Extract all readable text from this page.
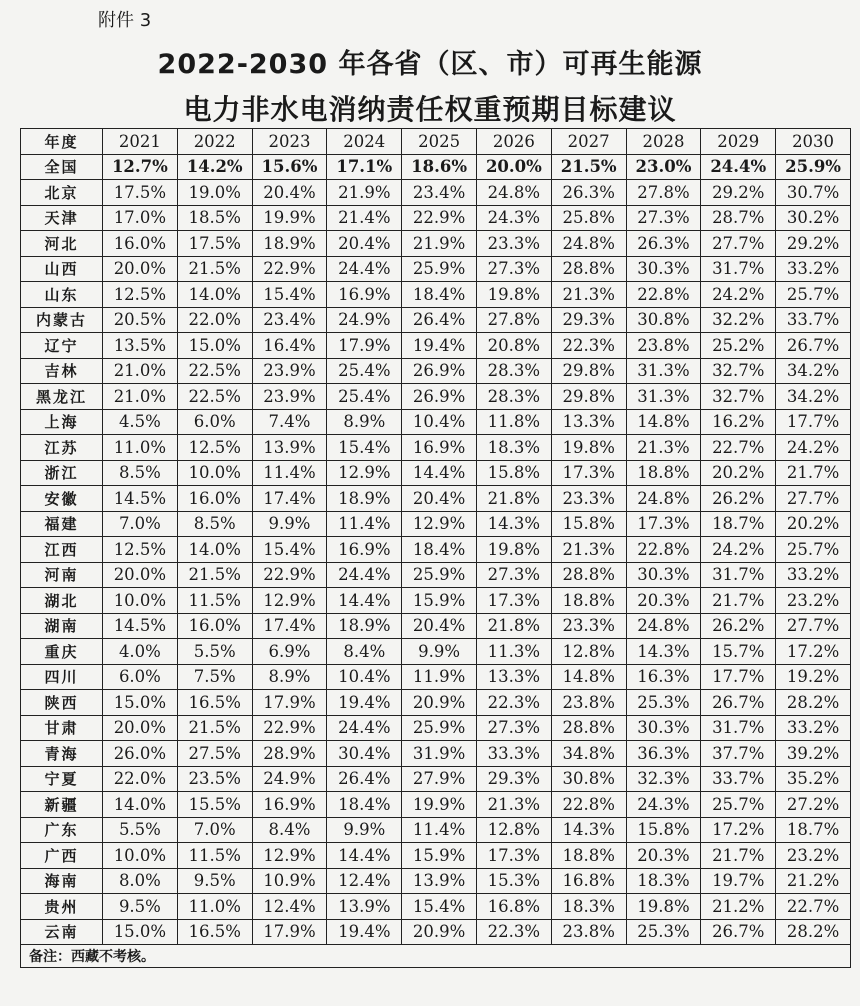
附件 3
2022-2030 年各省（区、市）可再生能源
电力非水电消纳责任权重预期目标建议
年度	2021	2022	2023	2024	2025	2026	2027	2028	2029	2030
全国	12.7%	14.2%	15.6%	17.1%	18.6%	20.0%	21.5%	23.0%	24.4%	25.9%
北京	17.5%	19.0%	20.4%	21.9%	23.4%	24.8%	26.3%	27.8%	29.2%	30.7%
天津	17.0%	18.5%	19.9%	21.4%	22.9%	24.3%	25.8%	27.3%	28.7%	30.2%
河北	16.0%	17.5%	18.9%	20.4%	21.9%	23.3%	24.8%	26.3%	27.7%	29.2%
山西	20.0%	21.5%	22.9%	24.4%	25.9%	27.3%	28.8%	30.3%	31.7%	33.2%
山东	12.5%	14.0%	15.4%	16.9%	18.4%	19.8%	21.3%	22.8%	24.2%	25.7%
内蒙古	20.5%	22.0%	23.4%	24.9%	26.4%	27.8%	29.3%	30.8%	32.2%	33.7%
辽宁	13.5%	15.0%	16.4%	17.9%	19.4%	20.8%	22.3%	23.8%	25.2%	26.7%
吉林	21.0%	22.5%	23.9%	25.4%	26.9%	28.3%	29.8%	31.3%	32.7%	34.2%
黑龙江	21.0%	22.5%	23.9%	25.4%	26.9%	28.3%	29.8%	31.3%	32.7%	34.2%
上海	4.5%	6.0%	7.4%	8.9%	10.4%	11.8%	13.3%	14.8%	16.2%	17.7%
江苏	11.0%	12.5%	13.9%	15.4%	16.9%	18.3%	19.8%	21.3%	22.7%	24.2%
浙江	8.5%	10.0%	11.4%	12.9%	14.4%	15.8%	17.3%	18.8%	20.2%	21.7%
安徽	14.5%	16.0%	17.4%	18.9%	20.4%	21.8%	23.3%	24.8%	26.2%	27.7%
福建	7.0%	8.5%	9.9%	11.4%	12.9%	14.3%	15.8%	17.3%	18.7%	20.2%
江西	12.5%	14.0%	15.4%	16.9%	18.4%	19.8%	21.3%	22.8%	24.2%	25.7%
河南	20.0%	21.5%	22.9%	24.4%	25.9%	27.3%	28.8%	30.3%	31.7%	33.2%
湖北	10.0%	11.5%	12.9%	14.4%	15.9%	17.3%	18.8%	20.3%	21.7%	23.2%
湖南	14.5%	16.0%	17.4%	18.9%	20.4%	21.8%	23.3%	24.8%	26.2%	27.7%
重庆	4.0%	5.5%	6.9%	8.4%	9.9%	11.3%	12.8%	14.3%	15.7%	17.2%
四川	6.0%	7.5%	8.9%	10.4%	11.9%	13.3%	14.8%	16.3%	17.7%	19.2%
陕西	15.0%	16.5%	17.9%	19.4%	20.9%	22.3%	23.8%	25.3%	26.7%	28.2%
甘肃	20.0%	21.5%	22.9%	24.4%	25.9%	27.3%	28.8%	30.3%	31.7%	33.2%
青海	26.0%	27.5%	28.9%	30.4%	31.9%	33.3%	34.8%	36.3%	37.7%	39.2%
宁夏	22.0%	23.5%	24.9%	26.4%	27.9%	29.3%	30.8%	32.3%	33.7%	35.2%
新疆	14.0%	15.5%	16.9%	18.4%	19.9%	21.3%	22.8%	24.3%	25.7%	27.2%
广东	5.5%	7.0%	8.4%	9.9%	11.4%	12.8%	14.3%	15.8%	17.2%	18.7%
广西	10.0%	11.5%	12.9%	14.4%	15.9%	17.3%	18.8%	20.3%	21.7%	23.2%
海南	8.0%	9.5%	10.9%	12.4%	13.9%	15.3%	16.8%	18.3%	19.7%	21.2%
贵州	9.5%	11.0%	12.4%	13.9%	15.4%	16.8%	18.3%	19.8%	21.2%	22.7%
云南	15.0%	16.5%	17.9%	19.4%	20.9%	22.3%	23.8%	25.3%	26.7%	28.2%
备注：西藏不考核。										
